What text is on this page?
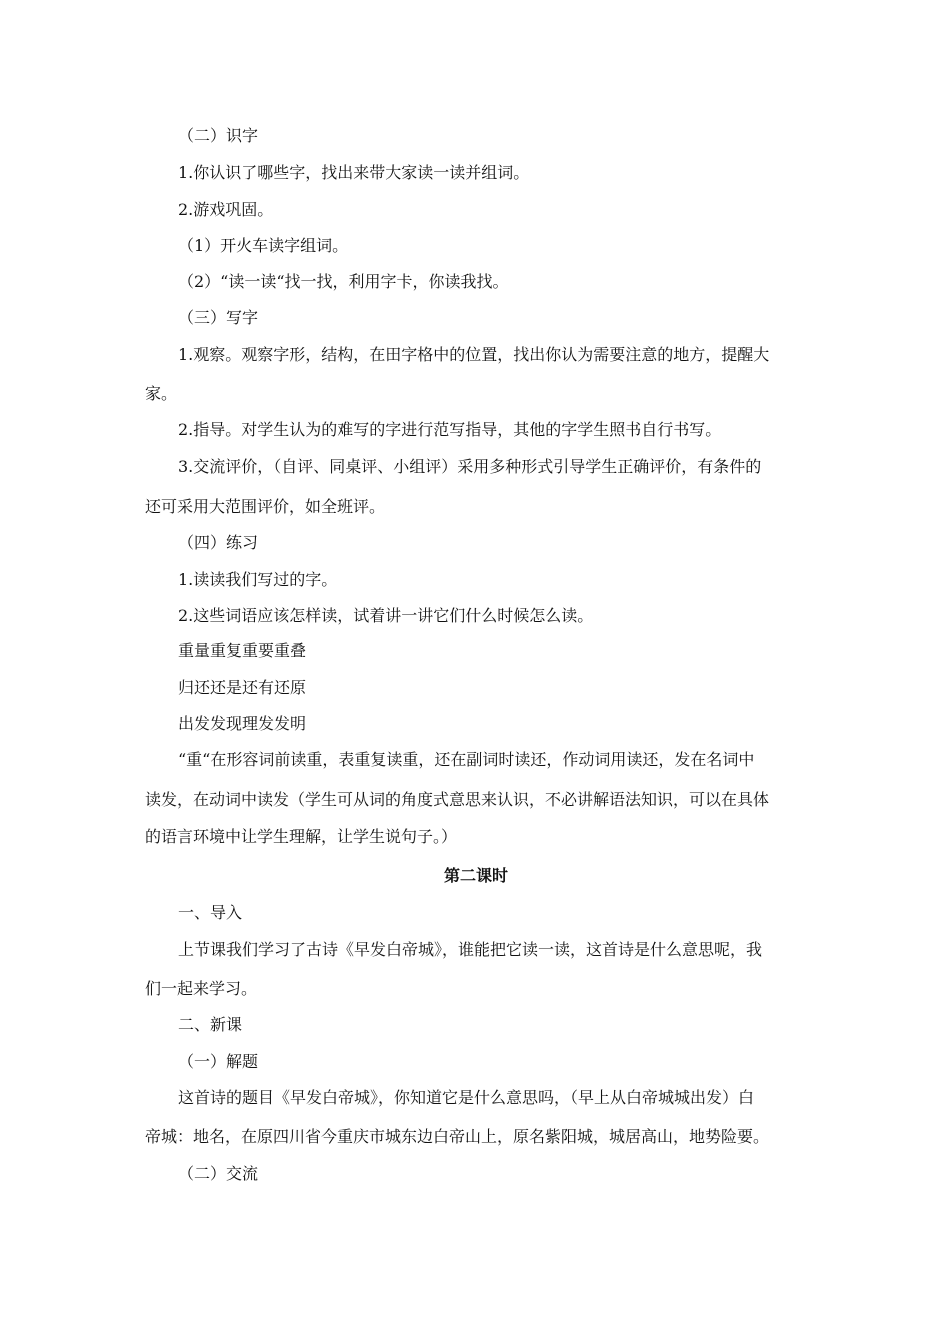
（二）识字
1.你认识了哪些字，找出来带大家读一读并组词。
2.游戏巩固。
（1）开火车读字组词。
（2）“读一读“找一找，利用字卡，你读我找。
（三）写字
1.观察。观察字形，结构，在田字格中的位置，找出你认为需要注意的地方，提醒大
家。
2.指导。对学生认为的难写的字进行范写指导，其他的字学生照书自行书写。
3.交流评价，（自评、同桌评、小组评）采用多种形式引导学生正确评价，有条件的
还可采用大范围评价，如全班评。
（四）练习
1.读读我们写过的字。
2.这些词语应该怎样读，试着讲一讲它们什么时候怎么读。
重量重复重要重叠
归还还是还有还原
出发发现理发发明
“重“在形容词前读重，表重复读重，还在副词时读还，作动词用读还，发在名词中
读发，在动词中读发（学生可从词的角度式意思来认识，不必讲解语法知识，可以在具体
的语言环境中让学生理解，让学生说句子。）
第二课时
一、导入
上节课我们学习了古诗《早发白帝城》，谁能把它读一读，这首诗是什么意思呢，我
们一起来学习。
二、新课
（一）解题
这首诗的题目《早发白帝城》，你知道它是什么意思吗，（早上从白帝城城出发）白
帝城：地名，在原四川省今重庆市城东边白帝山上，原名紫阳城，城居高山，地势险要。
（二）交流
